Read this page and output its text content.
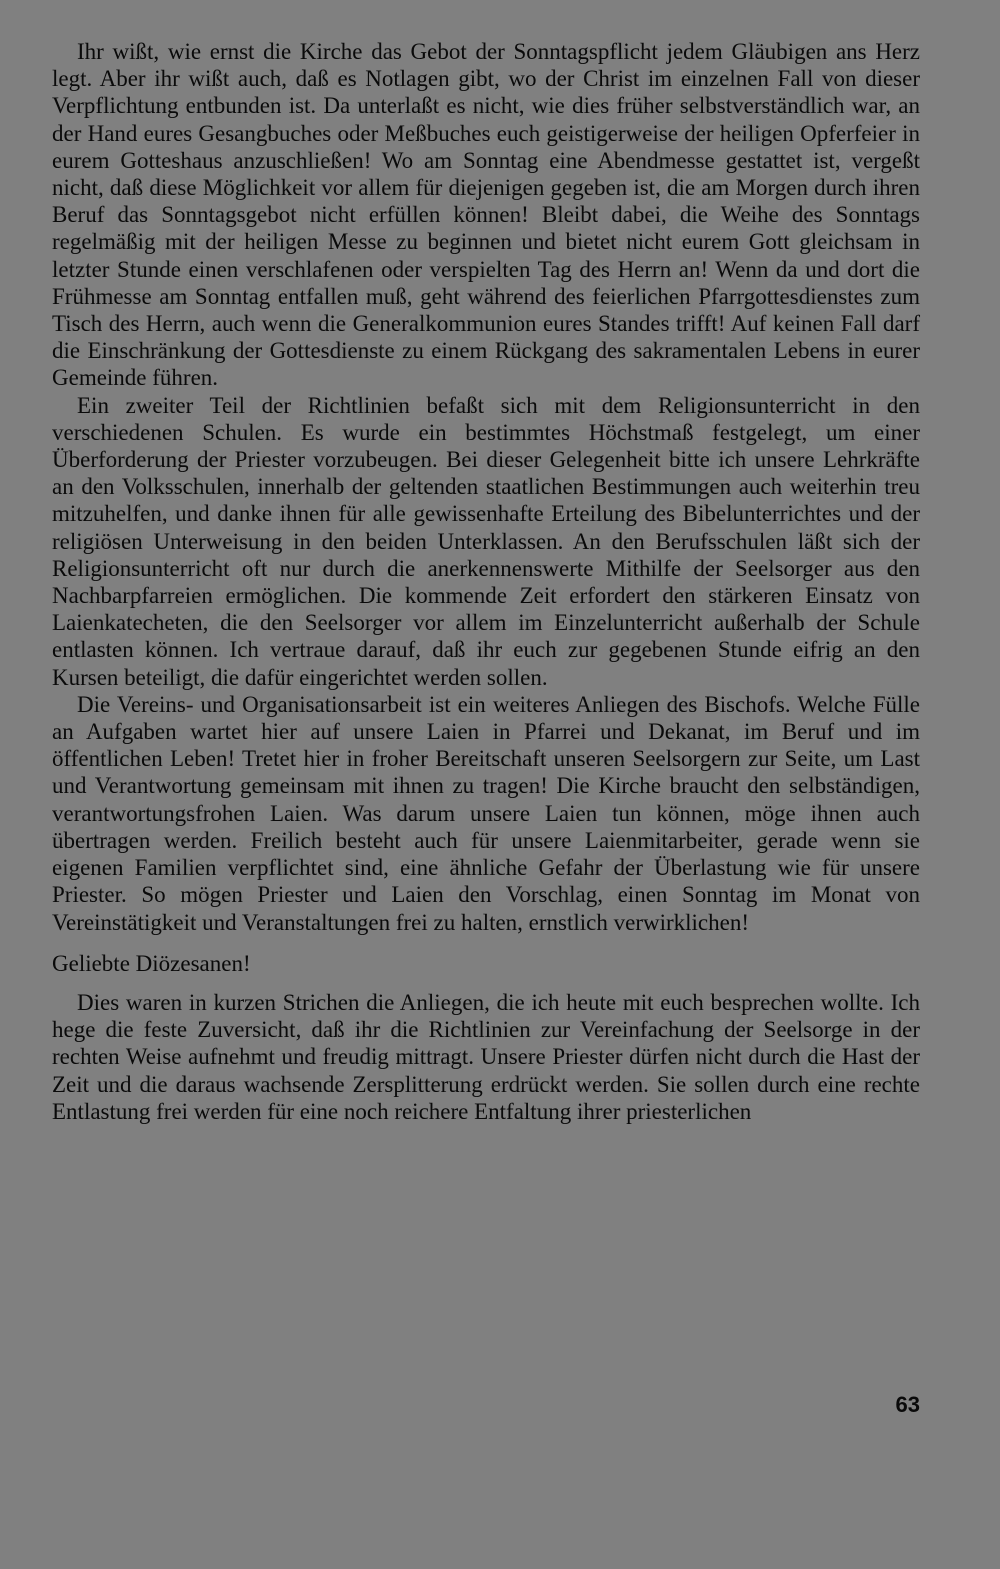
Ihr wißt, wie ernst die Kirche das Gebot der Sonntagspflicht jedem Gläubigen ans Herz legt. Aber ihr wißt auch, daß es Notlagen gibt, wo der Christ im einzelnen Fall von dieser Verpflichtung entbunden ist. Da unterlaßt es nicht, wie dies früher selbstverständlich war, an der Hand eures Gesangbuches oder Meßbuches euch geistigerweise der heiligen Opferfeier in eurem Gotteshaus anzuschließen! Wo am Sonntag eine Abendmesse gestattet ist, vergeßt nicht, daß diese Möglichkeit vor allem für diejenigen gegeben ist, die am Morgen durch ihren Beruf das Sonntagsgebot nicht erfüllen können! Bleibt dabei, die Weihe des Sonntags regelmäßig mit der heiligen Messe zu beginnen und bietet nicht eurem Gott gleichsam in letzter Stunde einen verschlafenen oder verspielten Tag des Herrn an! Wenn da und dort die Frühmesse am Sonntag entfallen muß, geht während des feierlichen Pfarrgottesdienstes zum Tisch des Herrn, auch wenn die Generalkommunion eures Standes trifft! Auf keinen Fall darf die Einschränkung der Gottesdienste zu einem Rückgang des sakramentalen Lebens in eurer Gemeinde führen.

Ein zweiter Teil der Richtlinien befaßt sich mit dem Religionsunterricht in den verschiedenen Schulen. Es wurde ein bestimmtes Höchstmaß festgelegt, um einer Überforderung der Priester vorzubeugen. Bei dieser Gelegenheit bitte ich unsere Lehrkräfte an den Volksschulen, innerhalb der geltenden staatlichen Bestimmungen auch weiterhin treu mitzuhelfen, und danke ihnen für alle gewissenhafte Erteilung des Bibelunterrichtes und der religiösen Unterweisung in den beiden Unterklassen. An den Berufsschulen läßt sich der Religionsunterricht oft nur durch die anerkennenswerte Mithilfe der Seelsorger aus den Nachbarpfarreien ermöglichen. Die kommende Zeit erfordert den stärkeren Einsatz von Laienkatecheten, die den Seelsorger vor allem im Einzelunterricht außerhalb der Schule entlasten können. Ich vertraue darauf, daß ihr euch zur gegebenen Stunde eifrig an den Kursen beteiligt, die dafür eingerichtet werden sollen.

Die Vereins- und Organisationsarbeit ist ein weiteres Anliegen des Bischofs. Welche Fülle an Aufgaben wartet hier auf unsere Laien in Pfarrei und Dekanat, im Beruf und im öffentlichen Leben! Tretet hier in froher Bereitschaft unseren Seelsorgern zur Seite, um Last und Verantwortung gemeinsam mit ihnen zu tragen! Die Kirche braucht den selbständigen, verantwortungsfrohen Laien. Was darum unsere Laien tun können, möge ihnen auch übertragen werden. Freilich besteht auch für unsere Laienmitarbeiter, gerade wenn sie eigenen Familien verpflichtet sind, eine ähnliche Gefahr der Überlastung wie für unsere Priester. So mögen Priester und Laien den Vorschlag, einen Sonntag im Monat von Vereinstätigkeit und Veranstaltungen frei zu halten, ernstlich verwirklichen!

Geliebte Diözesanen!

Dies waren in kurzen Strichen die Anliegen, die ich heute mit euch besprechen wollte. Ich hege die feste Zuversicht, daß ihr die Richtlinien zur Vereinfachung der Seelsorge in der rechten Weise aufnehmt und freudig mittragt. Unsere Priester dürfen nicht durch die Hast der Zeit und die daraus wachsende Zersplitterung erdrückt werden. Sie sollen durch eine rechte Entlastung frei werden für eine noch reichere Entfaltung ihrer priesterlichen

63
